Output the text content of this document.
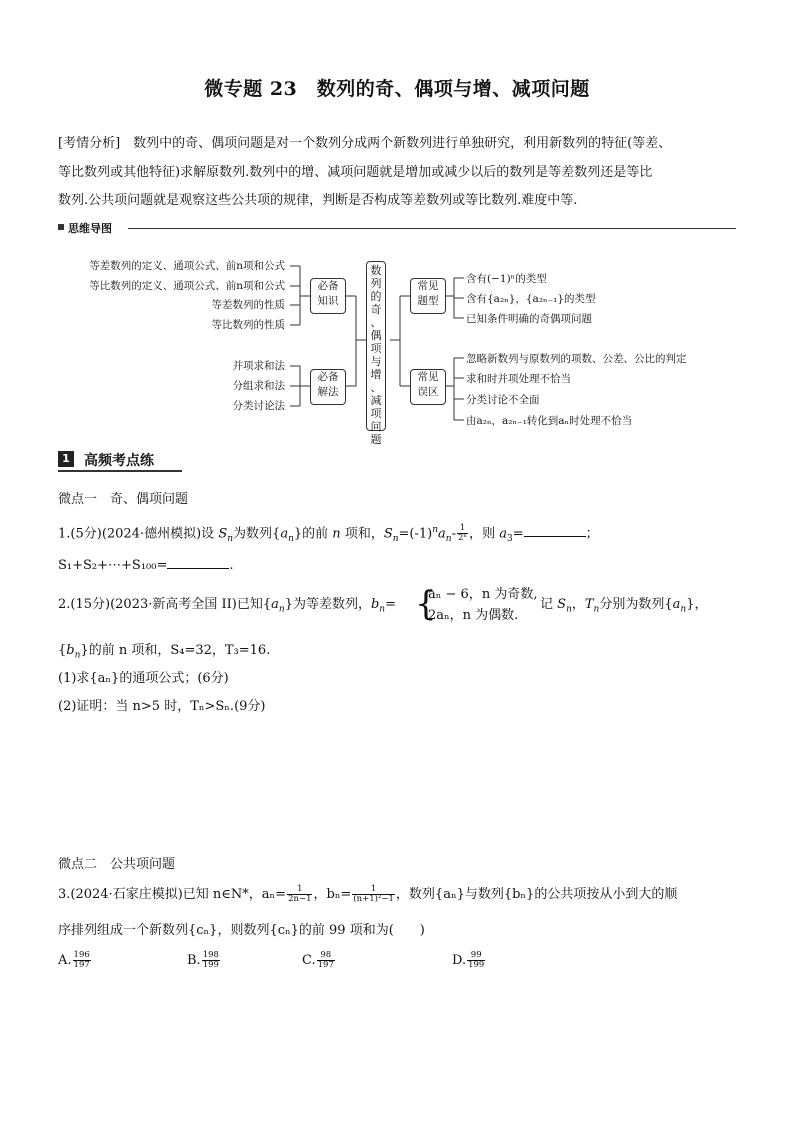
微专题 23　数列的奇、偶项与增、减项问题
[考情分析]　数列中的奇、偶项问题是对一个数列分成两个新数列进行单独研究，利用新数列的特征(等差、
等比数列或其他特征)求解原数列.数列中的增、减项问题就是增加或减少以后的数列是等差数列还是等比
数列.公共项问题就是观察这些公共项的规律，判断是否构成等差数列或等比数列.难度中等.
思维导图
等差数列的定义、通项公式、前n项和公式
等比数列的定义、通项公式、前n项和公式
等差数列的性质
等比数列的性质
并项求和法
分组求和法
分类讨论法
必备
知识
必备
解法
数
列
的
奇
、
偶
项
与
增
、
减
项
问
题
常见
题型
常见
误区
含有(−1)ⁿ的类型
含有{a₂ₙ}，{a₂ₙ₋₁}的类型
已知条件明确的奇偶项问题
忽略新数列与原数列的项数、公差、公比的判定
求和时并项处理不恰当
分类讨论不全面
由a₂ₙ，a₂ₙ₋₁转化到aₙ时处理不恰当
1 高频考点练
微点一　奇、偶项问题
1.(5分)(2024·德州模拟)设 $S_n$为数列$\{a_n\}$的前 n 项和，$S_n=(-1)^na_n- \frac{1}{\text{2ⁿ}}$ ，则 $a_3=$	；
S₁+S₂+⋯+S₁₀₀=	.
2.(15分)(2023·新高考全国 II)已知$\{a_n\}$为等差数列，$b_n=$ {
aₙ − 6，n 为奇数,
2aₙ，n 为偶数.
记 $S_n$，$T_n$分别为数列$\{a_n\}$，
$\{b_n\}$的前 n 项和，S₄=32，T₃=16.
(1)求{aₙ}的通项公式；(6分)
(2)证明：当 n>5 时，Tₙ>Sₙ.(9分)
微点二　公共项问题
3.(2024·石家庄模拟)已知 n∈N*，$a_n= \frac{1}{2n-1}$ ，$b_n= \frac{1}{\text{(n+1)²−1}}$ ，数列{aₙ}与数列{bₙ}的公共项按从小到大的顺
序排列组成一个新数列{cₙ}，则数列{cₙ}的前 99 项和为(　　)
A. $\frac{196}{197}$	B. $\frac{198}{199}$	C. $\frac{98}{197}$	D. $\frac{99}{199}$
